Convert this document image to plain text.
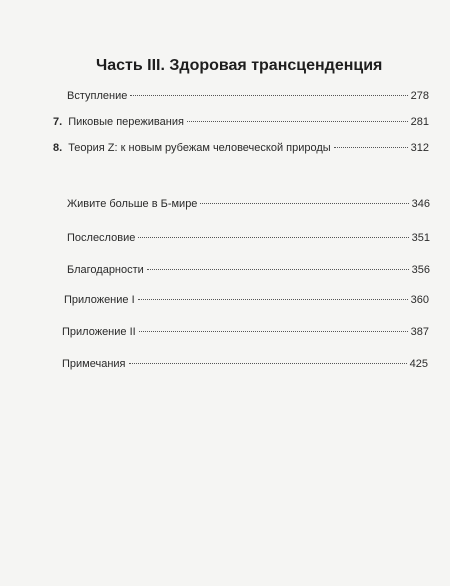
Часть III. Здоровая трансценденция
Вступление	278
7. Пиковые переживания	281
8. Теория Z: к новым рубежам человеческой природы	312
Живите больше в Б-мире	346
Послесловие	351
Благодарности	356
Приложение I	360
Приложение II	387
Примечания	425
